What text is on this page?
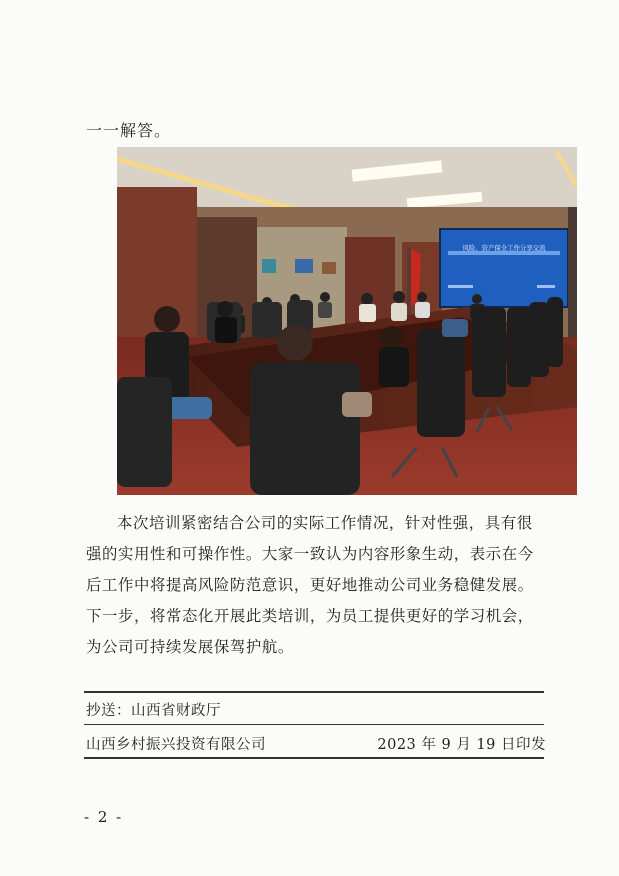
一一解答。
风险、资产保全工作分享交流
本次培训紧密结合公司的实际工作情况，针对性强，具有很
强的实用性和可操作性。大家一致认为内容形象生动，表示在今
后工作中将提高风险防范意识，更好地推动公司业务稳健发展。
下一步，将常态化开展此类培训，为员工提供更好的学习机会，
为公司可持续发展保驾护航。
抄送：山西省财政厅
山西乡村振兴投资有限公司	2023 年 9 月 19 日印发
- 2 -
